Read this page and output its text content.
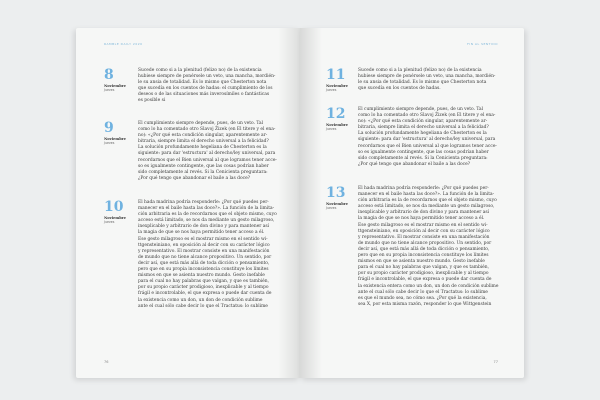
RAMBLE DAILY 2020
8
Noviembre
Jueves
Sucede como si a la plenitud (felizo no) de la existencia
hubiese siempre de ponérsele un veto, una mancha, mordién-
le su ansia de totalidad. Es lo mismo que Chesterton nota
que sucedía en los cuentos de hadas: el cumplimiento de los
deseos o de las situaciones más inverosímiles o fantásticas
es posible si
9
Noviembre
Jueves
El cumplimiento siempre depende, pues, de un veto. Tal
como lo ha comentado otro Slavoj Žizek (en El titere y el ena-
no): «¿Por qué esta condición singular, aparentemente ar-
bitraria, siempre limita el derecho universal a la felicidad?
La solución profundamente hegeliana de Chesterton es la
siguiente: para dar 'estructura' al derecho/ley universal, para
recordarnos que el Bien universal al que logramos tener acce-
so es igualmente contingente, que las cosas podrían haber
sido completamente al revés. Si la Cenicienta preguntara:
¿Por qué tengo que abandonar el baile a las doce?
10
Noviembre
Jueves
El hada madrina podría responderle: ¿Por qué puedes per-
manecer en el baile hasta las doce?». La función de la limita-
ción arbitraria es la de recordarnos que el objeto mismo, cuyo
acceso está limitado, se nos da mediante un gesto milagroso,
inexplicable y arbitrario de don divino y para mantener así
la magia de que se nos haya permitido tener acceso a él.
Ese gesto milagroso es el mostrar mismo en el sentido wi-
ttgensteiniano, en oposición al decir con su carácter lógico
y representativo. El mostrar consiste en una manifestación
de mundo que no tiene alcance propositivo. Un sentido, por
decir así, que está más allá de toda dicción o pensamiento,
pero que en su propia inconsistencia constituye los límites
mismos en que se asienta nuestro mundo. Gesto inefable
para el cual no hay palabras que valgan, y que es también,
por su propio carácter prodigioso, inexplicable y al tiempo
frágil e incontrolable, el que expresa o puede dar cuenta de
la existencia como un don, un don de condición sublime
ante el cual sólo cabe decir lo que el Tractatus: lo sublime
76
FIN AL SENTIDO
11
Noviembre
Jueves
Sucede como si a la plenitud (felizo no) de la existencia
hubiese siempre de ponérsele un veto, una mancha, mordién-
le su ansia de totalidad. Es lo mismo que Chesterton nota
que sucedía en los cuentos de hadas.
12
Noviembre
Jueves
El cumplimiento siempre depende, pues, de un veto. Tal
como lo ha comentado otro Slavoj Žizek (en El titere y el ena-
no): «¿Por qué esta condición singular, aparentemente ar-
bitraria, siempre limita el derecho universal a la felicidad?
La solución profundamente hegeliana de Chesterton es la
siguiente: para dar 'estructura' al derecho/ley universal, para
recordarnos que el Bien universal al que logramos tener acce-
so es igualmente contingente, que las cosas podrían haber
sido completamente al revés. Si la Cenicienta preguntara:
¿Por qué tengo que abandonar el baile a las doce?
13
Noviembre
Jueves
El hada madrina podría responderle: ¿Por qué puedes per-
manecer en el baile hasta las doce?». La función de la limita-
ción arbitraria es la de recordarnos que el objeto mismo, cuyo
acceso está limitado, se nos da mediante un gesto milagroso,
inexplicable y arbitrario de don divino y para mantener así
la magia de que se nos haya permitido tener acceso a él.
Ese gesto milagroso es el mostrar mismo en el sentido wi-
ttgensteiniano, en oposición al decir con su carácter lógico
y representativo. El mostrar consiste en una manifestación
de mundo que no tiene alcance propositivo. Un sentido, por
decir así, que está más allá de toda dicción o pensamiento,
pero que en su propia inconsistencia constituye los límites
mismos en que se asienta nuestro mundo. Gesto inefable
para el cual no hay palabras que valgan, y que es también,
por su propio carácter prodigioso, inexplicable y al tiempo
frágil e incontrolable, el que expresa o puede dar cuenta de
la existencia entera como un don, un don de condición sublime
ante el cual sólo cabe decir lo que el Tractatus: lo sublime
es que el mundo sea, no cómo sea. ¿Por qué la existencia,
sea X, por esta misma razón, responder lo que Wittgenstein
77
